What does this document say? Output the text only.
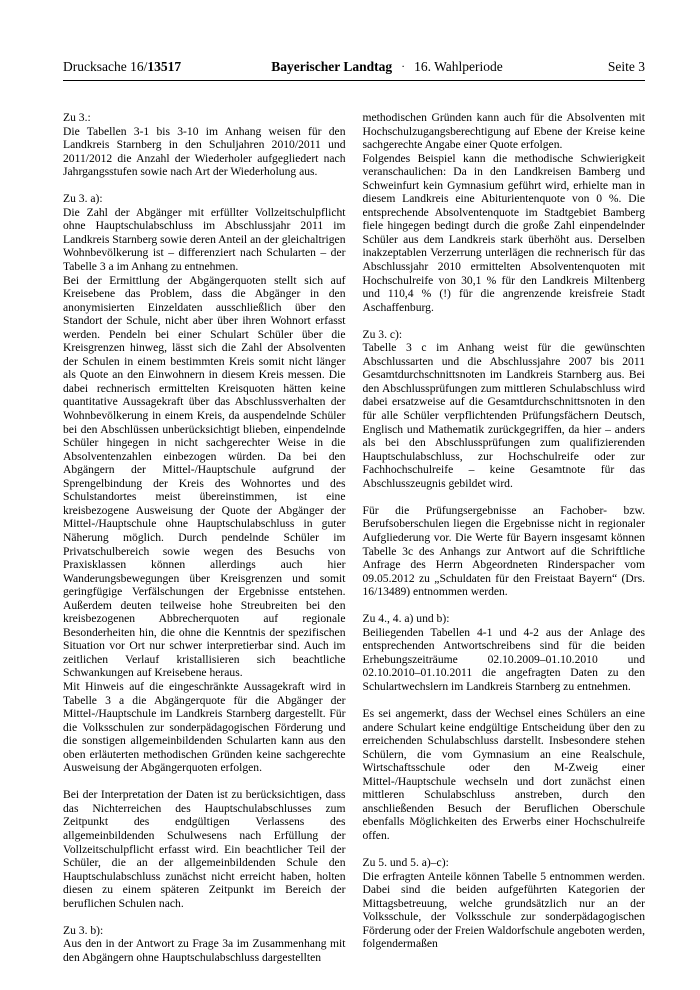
Drucksache 16/13517	Bayerischer Landtag · 16. Wahlperiode	Seite 3
Zu 3.:
Die Tabellen 3-1 bis 3-10 im Anhang weisen für den Landkreis Starnberg in den Schuljahren 2010/2011 und 2011/2012 die Anzahl der Wiederholer aufgegliedert nach Jahrgangsstufen sowie nach Art der Wiederholung aus.
Zu 3. a):
Die Zahl der Abgänger mit erfüllter Vollzeitschulpflicht ohne Hauptschulabschluss im Abschlussjahr 2011 im Landkreis Starnberg sowie deren Anteil an der gleichaltrigen Wohnbevölkerung ist – differenziert nach Schularten – der Tabelle 3 a im Anhang zu entnehmen.
Bei der Ermittlung der Abgängerquoten stellt sich auf Kreisebene das Problem, dass die Abgänger in den anonymisierten Einzeldaten ausschließlich über den Standort der Schule, nicht aber über ihren Wohnort erfasst werden. Pendeln bei einer Schulart Schüler über die Kreisgrenzen hinweg, lässt sich die Zahl der Absolventen der Schulen in einem bestimmten Kreis somit nicht länger als Quote an den Einwohnern in diesem Kreis messen. Die dabei rechnerisch ermittelten Kreisquoten hätten keine quantitative Aussagekraft über das Abschlussverhalten der Wohnbevölkerung in einem Kreis, da auspendelnde Schüler bei den Abschlüssen unberücksichtigt blieben, einpendelnde Schüler hingegen in nicht sachgerechter Weise in die Absolventenzahlen einbezogen würden. Da bei den Abgängern der Mittel-/Hauptschule aufgrund der Sprengelbindung der Kreis des Wohnortes und des Schulstandortes meist übereinstimmen, ist eine kreisbezogene Ausweisung der Quote der Abgänger der Mittel-/Hauptschule ohne Hauptschulabschluss in guter Näherung möglich. Durch pendelnde Schüler im Privatschulbereich sowie wegen des Besuchs von Praxisklassen können allerdings auch hier Wanderungsbewegungen über Kreisgrenzen und somit geringfügige Verfälschungen der Ergebnisse entstehen. Außerdem deuten teilweise hohe Streubreiten bei den kreisbezogenen Abbrecherquoten auf regionale Besonderheiten hin, die ohne die Kenntnis der spezifischen Situation vor Ort nur schwer interpretierbar sind. Auch im zeitlichen Verlauf kristallisieren sich beachtliche Schwankungen auf Kreisebene heraus.
Mit Hinweis auf die eingeschränkte Aussagekraft wird in Tabelle 3 a die Abgängerquote für die Abgänger der Mittel-/Hauptschule im Landkreis Starnberg dargestellt. Für die Volksschulen zur sonderpädagogischen Förderung und die sonstigen allgemeinbildenden Schularten kann aus den oben erläuterten methodischen Gründen keine sachgerechte Ausweisung der Abgängerquoten erfolgen.
Bei der Interpretation der Daten ist zu berücksichtigen, dass das Nichterreichen des Hauptschulabschlusses zum Zeitpunkt des endgültigen Verlassens des allgemeinbildenden Schulwesens nach Erfüllung der Vollzeitschulpflicht erfasst wird. Ein beachtlicher Teil der Schüler, die an der allgemeinbildenden Schule den Hauptschulabschluss zunächst nicht erreicht haben, holten diesen zu einem späteren Zeitpunkt im Bereich der beruflichen Schulen nach.
Zu 3. b):
Aus den in der Antwort zu Frage 3a im Zusammenhang mit den Abgängern ohne Hauptschulabschluss dargestellten
methodischen Gründen kann auch für die Absolventen mit Hochschulzugangsberechtigung auf Ebene der Kreise keine sachgerechte Angabe einer Quote erfolgen.
Folgendes Beispiel kann die methodische Schwierigkeit veranschaulichen: Da in den Landkreisen Bamberg und Schweinfurt kein Gymnasium geführt wird, erhielte man in diesem Landkreis eine Abiturientenquote von 0 %. Die entsprechende Absolventenquote im Stadtgebiet Bamberg fiele hingegen bedingt durch die große Zahl einpendelnder Schüler aus dem Landkreis stark überhöht aus. Derselben inakzeptablen Verzerrung unterlägen die rechnerisch für das Abschlussjahr 2010 ermittelten Absolventenquoten mit Hochschulreife von 30,1 % für den Landkreis Miltenberg und 110,4 % (!) für die angrenzende kreisfreie Stadt Aschaffenburg.
Zu 3. c):
Tabelle 3 c im Anhang weist für die gewünschten Abschlussarten und die Abschlussjahre 2007 bis 2011 Gesamtdurchschnittsnoten im Landkreis Starnberg aus. Bei den Abschlussprüfungen zum mittleren Schulabschluss wird dabei ersatzweise auf die Gesamtdurchschnittsnoten in den für alle Schüler verpflichtenden Prüfungsfächern Deutsch, Englisch und Mathematik zurückgegriffen, da hier – anders als bei den Abschlussprüfungen zum qualifizierenden Hauptschulabschluss, zur Hochschulreife oder zur Fachhochschulreife – keine Gesamtnote für das Abschlusszeugnis gebildet wird.
Für die Prüfungsergebnisse an Fachober- bzw. Berufsoberschulen liegen die Ergebnisse nicht in regionaler Aufgliederung vor. Die Werte für Bayern insgesamt können Tabelle 3c des Anhangs zur Antwort auf die Schriftliche Anfrage des Herrn Abgeordneten Rinderspacher vom 09.05.2012 zu „Schuldaten für den Freistaat Bayern“ (Drs. 16/13489) entnommen werden.
Zu 4., 4. a) und b):
Beiliegenden Tabellen 4-1 und 4-2 aus der Anlage des entsprechenden Antwortschreibens sind für die beiden Erhebungszeiträume 02.10.2009–01.10.2010 und 02.10.2010–01.10.2011 die angefragten Daten zu den Schulartwechslern im Landkreis Starnberg zu entnehmen.
Es sei angemerkt, dass der Wechsel eines Schülers an eine andere Schulart keine endgültige Entscheidung über den zu erreichenden Schulabschluss darstellt. Insbesondere stehen Schülern, die vom Gymnasium an eine Realschule, Wirtschaftsschule oder den M-Zweig einer Mittel-/Hauptschule wechseln und dort zunächst einen mittleren Schulabschluss anstreben, durch den anschließenden Besuch der Beruflichen Oberschule ebenfalls Möglichkeiten des Erwerbs einer Hochschulreife offen.
Zu 5. und 5. a)–c):
Die erfragten Anteile können Tabelle 5 entnommen werden. Dabei sind die beiden aufgeführten Kategorien der Mittagsbetreuung, welche grundsätzlich nur an der Volksschule, der Volksschule zur sonderpädagogischen Förderung oder der Freien Waldorfschule angeboten werden, folgendermaßen
